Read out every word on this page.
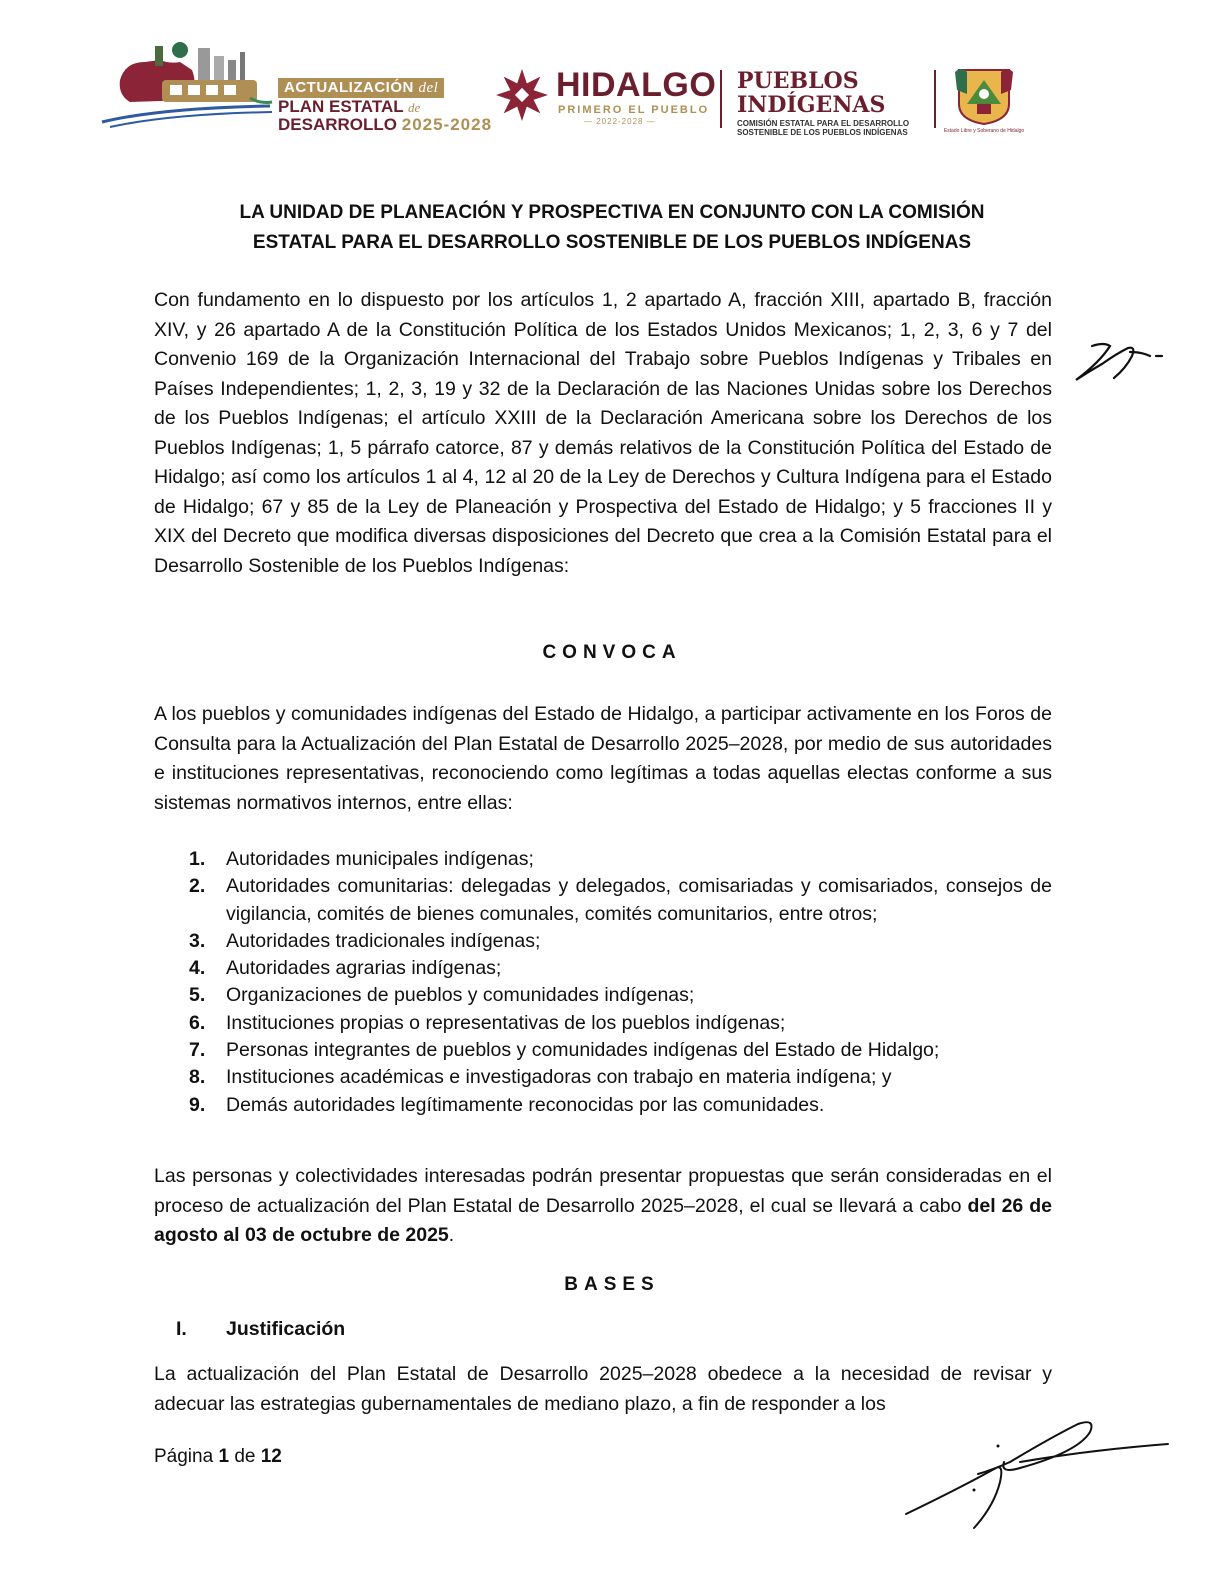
ACTUALIZACIÓN del
PLAN ESTATAL de
DESARROLLO 2025-2028
HIDALGO
PRIMERO EL PUEBLO
— 2022-2028 —
PUEBLOS
INDÍGENAS
COMISIÓN ESTATAL PARA EL DESARROLLO
SOSTENIBLE DE LOS PUEBLOS INDÍGENAS	Estado Libre y Soberano de Hidalgo
LA UNIDAD DE PLANEACIÓN Y PROSPECTIVA EN CONJUNTO CON LA COMISIÓN
ESTATAL PARA EL DESARROLLO SOSTENIBLE DE LOS PUEBLOS INDÍGENAS
Con fundamento en lo dispuesto por los artículos 1, 2 apartado A, fracción XIII, apartado B, fracción XIV, y 26 apartado A de la Constitución Política de los Estados Unidos Mexicanos; 1, 2, 3, 6 y 7 del Convenio 169 de la Organización Internacional del Trabajo sobre Pueblos Indígenas y Tribales en Países Independientes; 1, 2, 3, 19 y 32 de la Declaración de las Naciones Unidas sobre los Derechos de los Pueblos Indígenas; el artículo XXIII de la Declaración Americana sobre los Derechos de los Pueblos Indígenas; 1, 5 párrafo catorce, 87 y demás relativos de la Constitución Política del Estado de Hidalgo; así como los artículos 1 al 4, 12 al 20 de la Ley de Derechos y Cultura Indígena para el Estado de Hidalgo; 67 y 85 de la Ley de Planeación y Prospectiva del Estado de Hidalgo; y 5 fracciones II y XIX del Decreto que modifica diversas disposiciones del Decreto que crea a la Comisión Estatal para el Desarrollo Sostenible de los Pueblos Indígenas:
CONVOCA
A los pueblos y comunidades indígenas del Estado de Hidalgo, a participar activamente en los Foros de Consulta para la Actualización del Plan Estatal de Desarrollo 2025–2028, por medio de sus autoridades e instituciones representativas, reconociendo como legítimas a todas aquellas electas conforme a sus sistemas normativos internos, entre ellas:
1.	Autoridades municipales indígenas;
2.	Autoridades comunitarias: delegadas y delegados, comisariadas y comisariados, consejos de vigilancia, comités de bienes comunales, comités comunitarios, entre otros;
3.	Autoridades tradicionales indígenas;
4.	Autoridades agrarias indígenas;
5.	Organizaciones de pueblos y comunidades indígenas;
6.	Instituciones propias o representativas de los pueblos indígenas;
7.	Personas integrantes de pueblos y comunidades indígenas del Estado de Hidalgo;
8.	Instituciones académicas e investigadoras con trabajo en materia indígena; y
9.	Demás autoridades legítimamente reconocidas por las comunidades.
Las personas y colectividades interesadas podrán presentar propuestas que serán consideradas en el proceso de actualización del Plan Estatal de Desarrollo 2025–2028, el cual se llevará a cabo del 26 de agosto al 03 de octubre de 2025.
BASES
I. Justificación
La actualización del Plan Estatal de Desarrollo 2025–2028 obedece a la necesidad de revisar y adecuar las estrategias gubernamentales de mediano plazo, a fin de responder a los
Página 1 de 12
